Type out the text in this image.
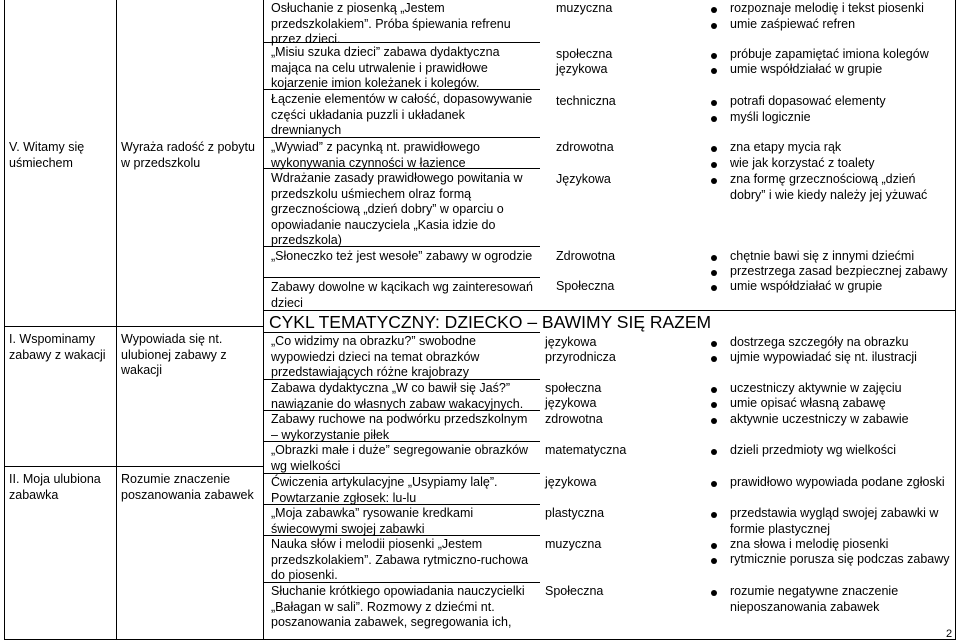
V. Witamy się uśmiechem
Wyraża radość z pobytu w przedszkolu
I. Wspominamy zabawy z wakacji
Wypowiada się nt. ulubionej zabawy z wakacji
II. Moja ulubiona zabawka
Rozumie znaczenie poszanowania zabawek
CYKL TEMATYCZNY: DZIECKO – BAWIMY SIĘ RAZEM
Osłuchanie z piosenką „Jestem przedszkolakiem”. Próba śpiewania refrenu przez dzieci.
„Misiu szuka dzieci” zabawa dydaktyczna mająca na celu utrwalenie i prawidłowe kojarzenie imion koleżanek i kolegów.
Łączenie elementów w całość, dopasowywanie części układania puzzli i układanek drewnianych
„Wywiad” z pacynką nt. prawidłowego wykonywania czynności w łazience
Wdrażanie zasady prawidłowego powitania w przedszkolu uśmiechem olraz formą grzecznościową „dzień dobry” w oparciu o opowiadanie nauczyciela „Kasia idzie do przedszkola)
„Słoneczko też jest wesołe” zabawy w ogrodzie
Zabawy dowolne w kącikach wg zainteresowań dzieci
muzyczna
społeczna
językowa
techniczna
zdrowotna
Językowa
Zdrowotna
Społeczna
rozpoznaje melodię i tekst piosenki
umie zaśpiewać refren
próbuje zapamiętać imiona kolegów
umie współdziałać w grupie
potrafi dopasować elementy
myśli logicznie
zna etapy mycia rąk
wie jak korzystać z toalety
zna formę grzecznościową „dzień dobry” i wie kiedy należy jej yżuwać
chętnie bawi się z innymi dziećmi
przestrzega zasad bezpiecznej zabawy
umie współdziałać w grupie
„Co widzimy na obrazku?” swobodne wypowiedzi dzieci na temat obrazków przedstawiających różne krajobrazy
Zabawa dydaktyczna „W co bawił się Jaś?” nawiązanie do własnych zabaw wakacyjnych.
Zabawy ruchowe na podwórku przedszkolnym – wykorzystanie piłek
„Obrazki małe i duże” segregowanie obrazków wg wielkości
Ćwiczenia artykulacyjne „Usypiamy lalę”. Powtarzanie zgłosek: lu-lu
„Moja zabawka” rysowanie kredkami świecowymi swojej zabawki
Nauka słów i melodii piosenki „Jestem przedszkolakiem”. Zabawa rytmiczno-ruchowa do piosenki.
Słuchanie krótkiego opowiadania nauczycielki „Bałagan w sali”. Rozmowy z dziećmi nt. poszanowania zabawek, segregowania ich,
językowa
przyrodnicza
społeczna
językowa
zdrowotna
matematyczna
językowa
plastyczna
muzyczna
Społeczna
dostrzega szczegóły na obrazku
ujmie wypowiadać się nt. ilustracji
uczestniczy aktywnie w zajęciu
umie opisać własną zabawę
aktywnie uczestniczy w zabawie
dzieli przedmioty wg wielkości
prawidłowo wypowiada podane zgłoski
przedstawia wygląd swojej zabawki w formie plastycznej
zna słowa i melodię piosenki
rytmicznie porusza się podczas zabawy
rozumie negatywne znaczenie nieposzanowania zabawek
2
